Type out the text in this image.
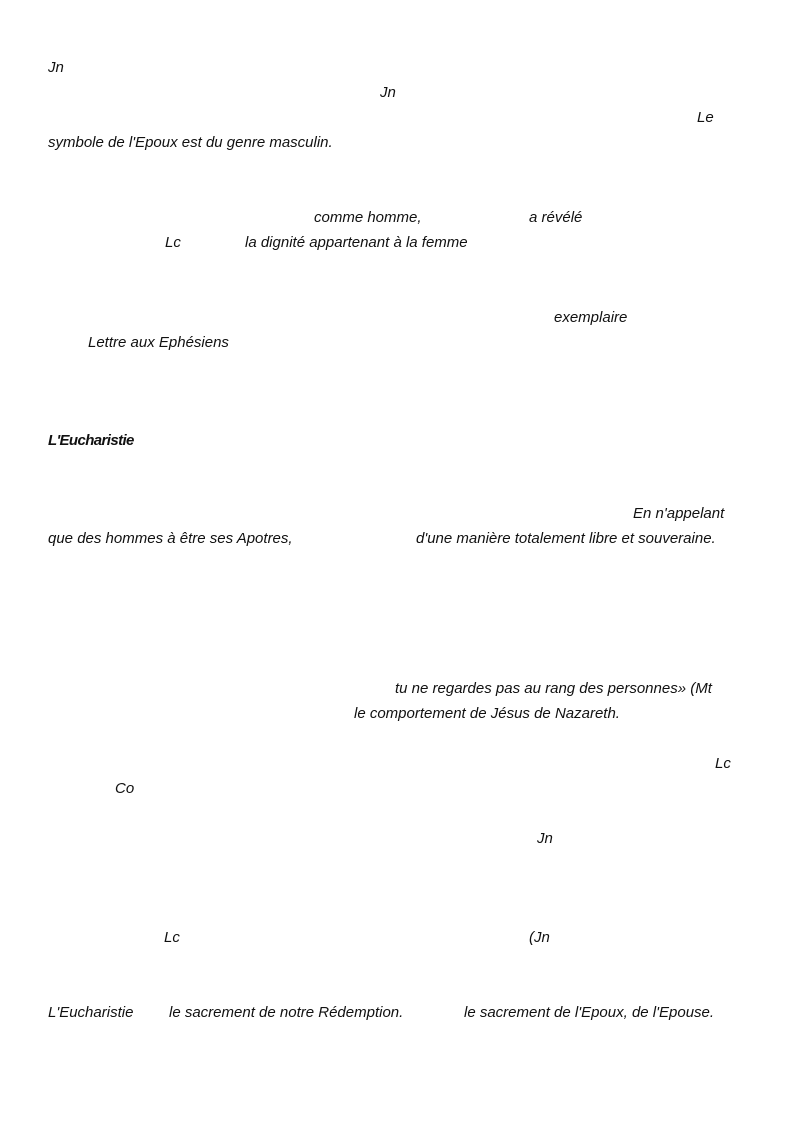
Jn
Jn
Le
symbole de l'Epoux est du genre masculin.
comme homme,	a révélé
Lc	la dignité appartenant à la femme
exemplaire
Lettre aux Ephésiens
L'Eucharistie
En n'appelant
que des hommes à être ses Apotres,	d'une manière totalement libre et souveraine.
tu ne regardes pas au rang des personnes» (Mt
le comportement de Jésus de Nazareth.
Lc
Co
Jn
Lc	(Jn
L'Eucharistie le sacrement de notre Rédemption.	le sacrement de l'Epoux, de l'Epouse.
